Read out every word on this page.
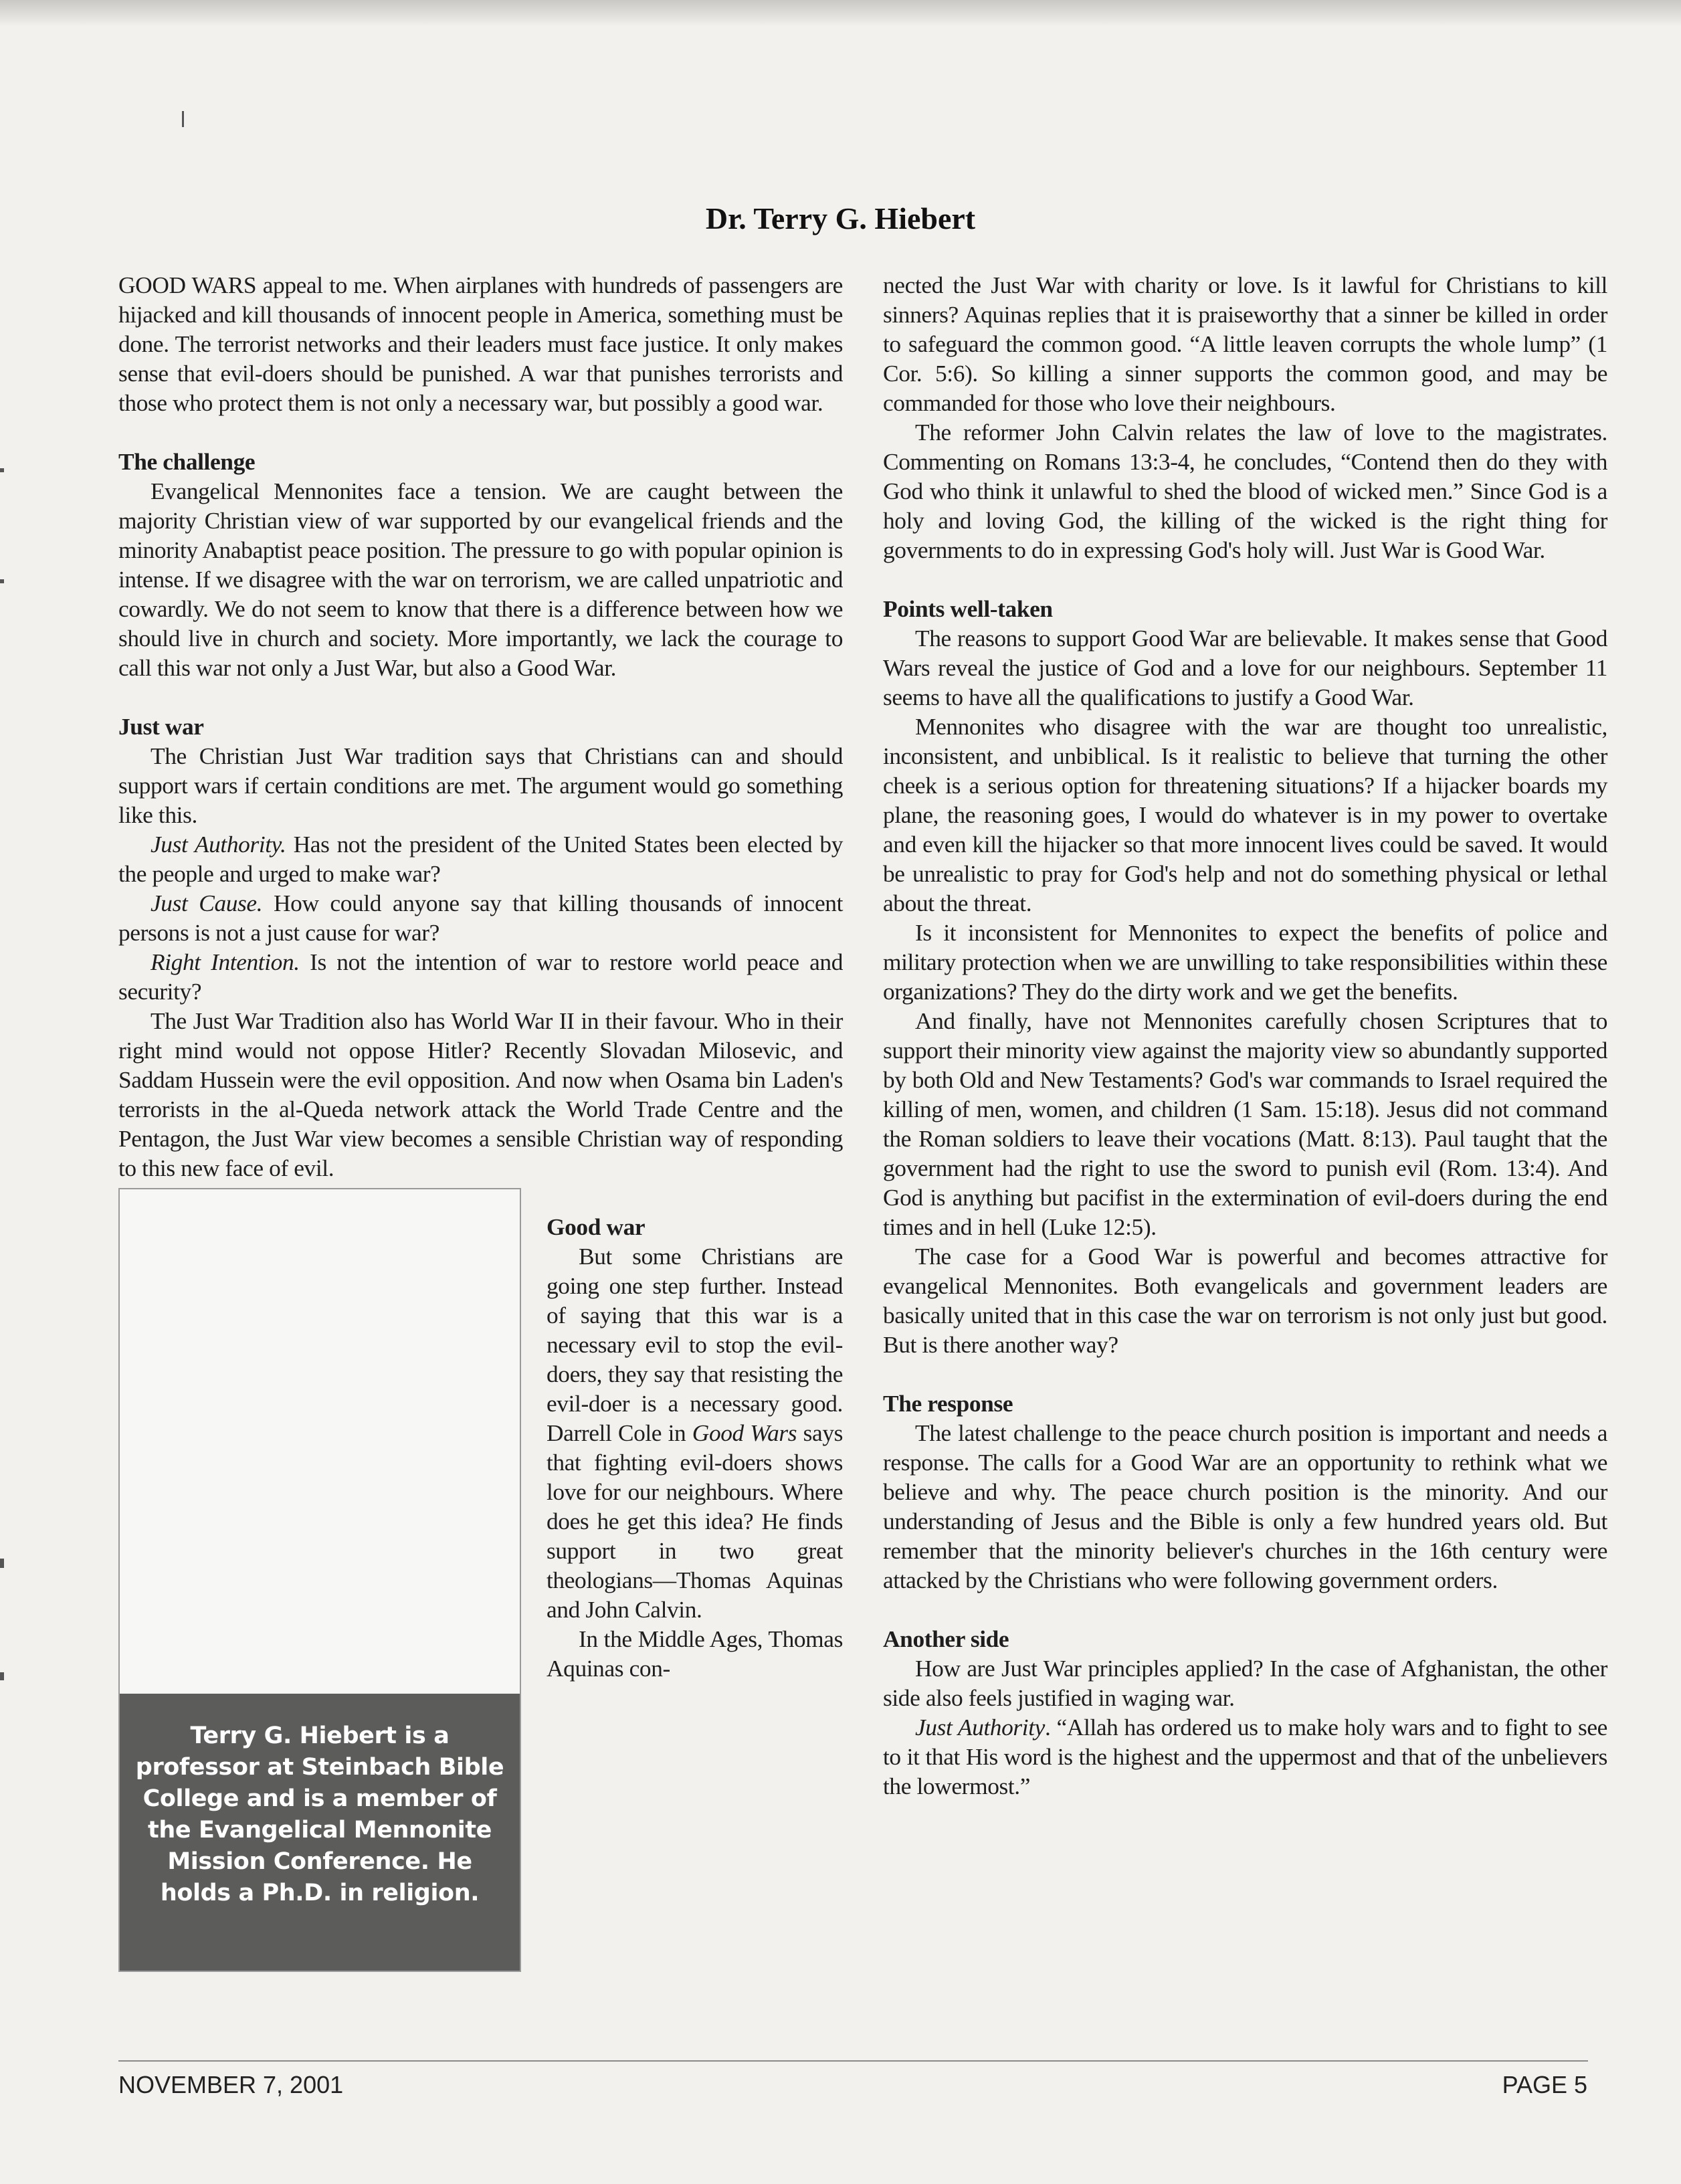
Dr. Terry G. Hiebert

GOOD WARS appeal to me. When airplanes with hundreds of passengers are hijacked and kill thousands of innocent people in America, something must be done. The terrorist networks and their leaders must face justice. It only makes sense that evil-doers should be punished. A war that punishes terrorists and those who protect them is not only a necessary war, but possibly a good war.

The challenge

Evangelical Mennonites face a tension. We are caught between the majority Christian view of war supported by our evangelical friends and the minority Anabaptist peace position. The pressure to go with popular opinion is intense. If we disagree with the war on terrorism, we are called unpatriotic and cowardly. We do not seem to know that there is a difference between how we should live in church and society. More importantly, we lack the courage to call this war not only a Just War, but also a Good War.

Just war

The Christian Just War tradition says that Christians can and should support wars if certain conditions are met. The argument would go something like this.

Just Authority. Has not the president of the United States been elected by the people and urged to make war?

Just Cause. How could anyone say that killing thousands of innocent persons is not a just cause for war?

Right Intention. Is not the intention of war to restore world peace and security?

The Just War Tradition also has World War II in their favour. Who in their right mind would not oppose Hitler? Recently Slovadan Milosevic, and Saddam Hussein were the evil opposition. And now when Osama bin Laden's terrorists in the al-Queda network attack the World Trade Centre and the Pentagon, the Just War view becomes a sensible Christian way of responding to this new face of evil.

Terry G. Hiebert is a professor at Steinbach Bible College and is a member of the Evangelical Mennonite Mission Conference. He holds a Ph.D. in religion.
Good war

But some Christians are going one step further. Instead of saying that this war is a necessary evil to stop the evil-doers, they say that resisting the evil-doer is a necessary good. Darrell Cole in Good Wars says that fighting evil-doers shows love for our neighbours. Where does he get this idea? He finds support in two great theologians—Thomas Aquinas and John Calvin.

In the Middle Ages, Thomas Aquinas con-

nected the Just War with charity or love. Is it lawful for Christians to kill sinners? Aquinas replies that it is praiseworthy that a sinner be killed in order to safeguard the common good. “A little leaven corrupts the whole lump” (1 Cor. 5:6). So killing a sinner supports the common good, and may be commanded for those who love their neighbours.

The reformer John Calvin relates the law of love to the magistrates. Commenting on Romans 13:3-4, he concludes, “Contend then do they with God who think it unlawful to shed the blood of wicked men.” Since God is a holy and loving God, the killing of the wicked is the right thing for governments to do in expressing God's holy will. Just War is Good War.

Points well-taken

The reasons to support Good War are believable. It makes sense that Good Wars reveal the justice of God and a love for our neighbours. September 11 seems to have all the qualifications to justify a Good War.

Mennonites who disagree with the war are thought too unrealistic, inconsistent, and unbiblical. Is it realistic to believe that turning the other cheek is a serious option for threatening situations? If a hijacker boards my plane, the reasoning goes, I would do whatever is in my power to overtake and even kill the hijacker so that more innocent lives could be saved. It would be unrealistic to pray for God's help and not do something physical or lethal about the threat.

Is it inconsistent for Mennonites to expect the benefits of police and military protection when we are unwilling to take responsibilities within these organizations? They do the dirty work and we get the benefits.

And finally, have not Mennonites carefully chosen Scriptures that to support their minority view against the majority view so abundantly supported by both Old and New Testaments? God's war commands to Israel required the killing of men, women, and children (1 Sam. 15:18). Jesus did not command the Roman soldiers to leave their vocations (Matt. 8:13). Paul taught that the government had the right to use the sword to punish evil (Rom. 13:4). And God is anything but pacifist in the extermination of evil-doers during the end times and in hell (Luke 12:5).

The case for a Good War is powerful and becomes attractive for evangelical Mennonites. Both evangelicals and government leaders are basically united that in this case the war on terrorism is not only just but good. But is there another way?

The response

The latest challenge to the peace church position is important and needs a response. The calls for a Good War are an opportunity to rethink what we believe and why. The peace church position is the minority. And our understanding of Jesus and the Bible is only a few hundred years old. But remember that the minority believer's churches in the 16th century were attacked by the Christians who were following government orders.

Another side

How are Just War principles applied? In the case of Afghanistan, the other side also feels justified in waging war.

Just Authority. “Allah has ordered us to make holy wars and to fight to see to it that His word is the highest and the uppermost and that of the unbelievers the lowermost.”

NOVEMBER 7, 2001	PAGE 5
